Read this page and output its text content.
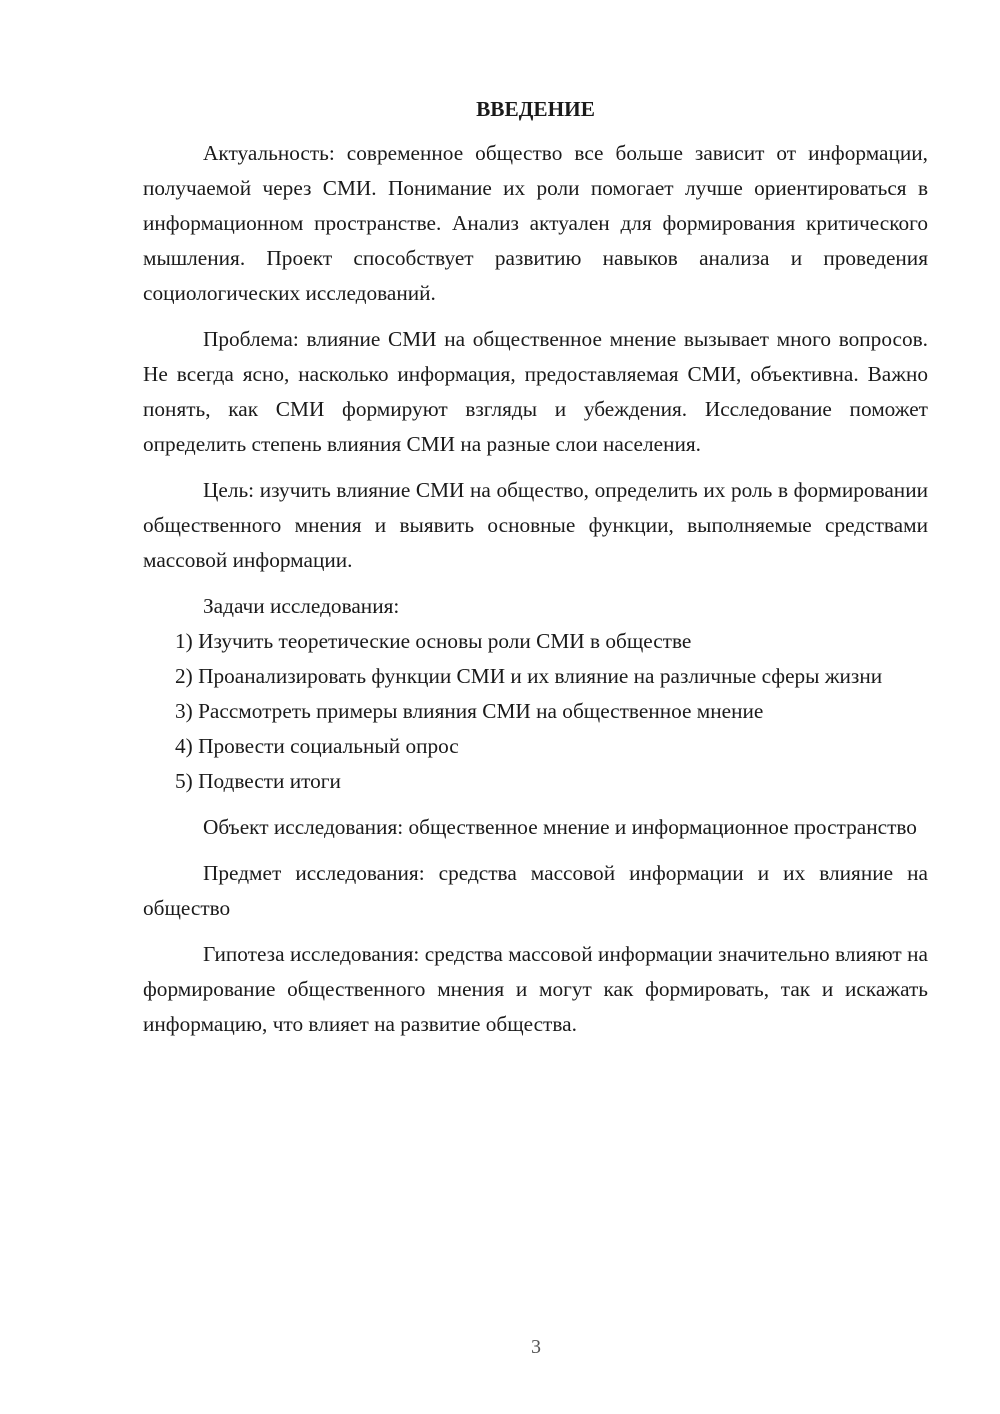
ВВЕДЕНИЕ

Актуальность: современное общество все больше зависит от информации, получаемой через СМИ. Понимание их роли помогает лучше ориентироваться в информационном пространстве. Анализ актуален для формирования критического мышления. Проект способствует развитию навыков анализа и проведения социологических исследований.

Проблема: влияние СМИ на общественное мнение вызывает много вопросов. Не всегда ясно, насколько информация, предоставляемая СМИ, объективна. Важно понять, как СМИ формируют взгляды и убеждения. Исследование поможет определить степень влияния СМИ на разные слои населения.

Цель: изучить влияние СМИ на общество, определить их роль в формировании общественного мнения и выявить основные функции, выполняемые средствами массовой информации.

Задачи исследования:

1) Изучить теоретические основы роли СМИ в обществе

2) Проанализировать функции СМИ и их влияние на различные сферы жизни

3) Рассмотреть примеры влияния СМИ на общественное мнение

4) Провести социальный опрос

5) Подвести итоги

Объект исследования: общественное мнение и информационное пространство

Предмет исследования: средства массовой информации и их влияние на общество

Гипотеза исследования: средства массовой информации значительно влияют на формирование общественного мнения и могут как формировать, так и искажать информацию, что влияет на развитие общества.

3
